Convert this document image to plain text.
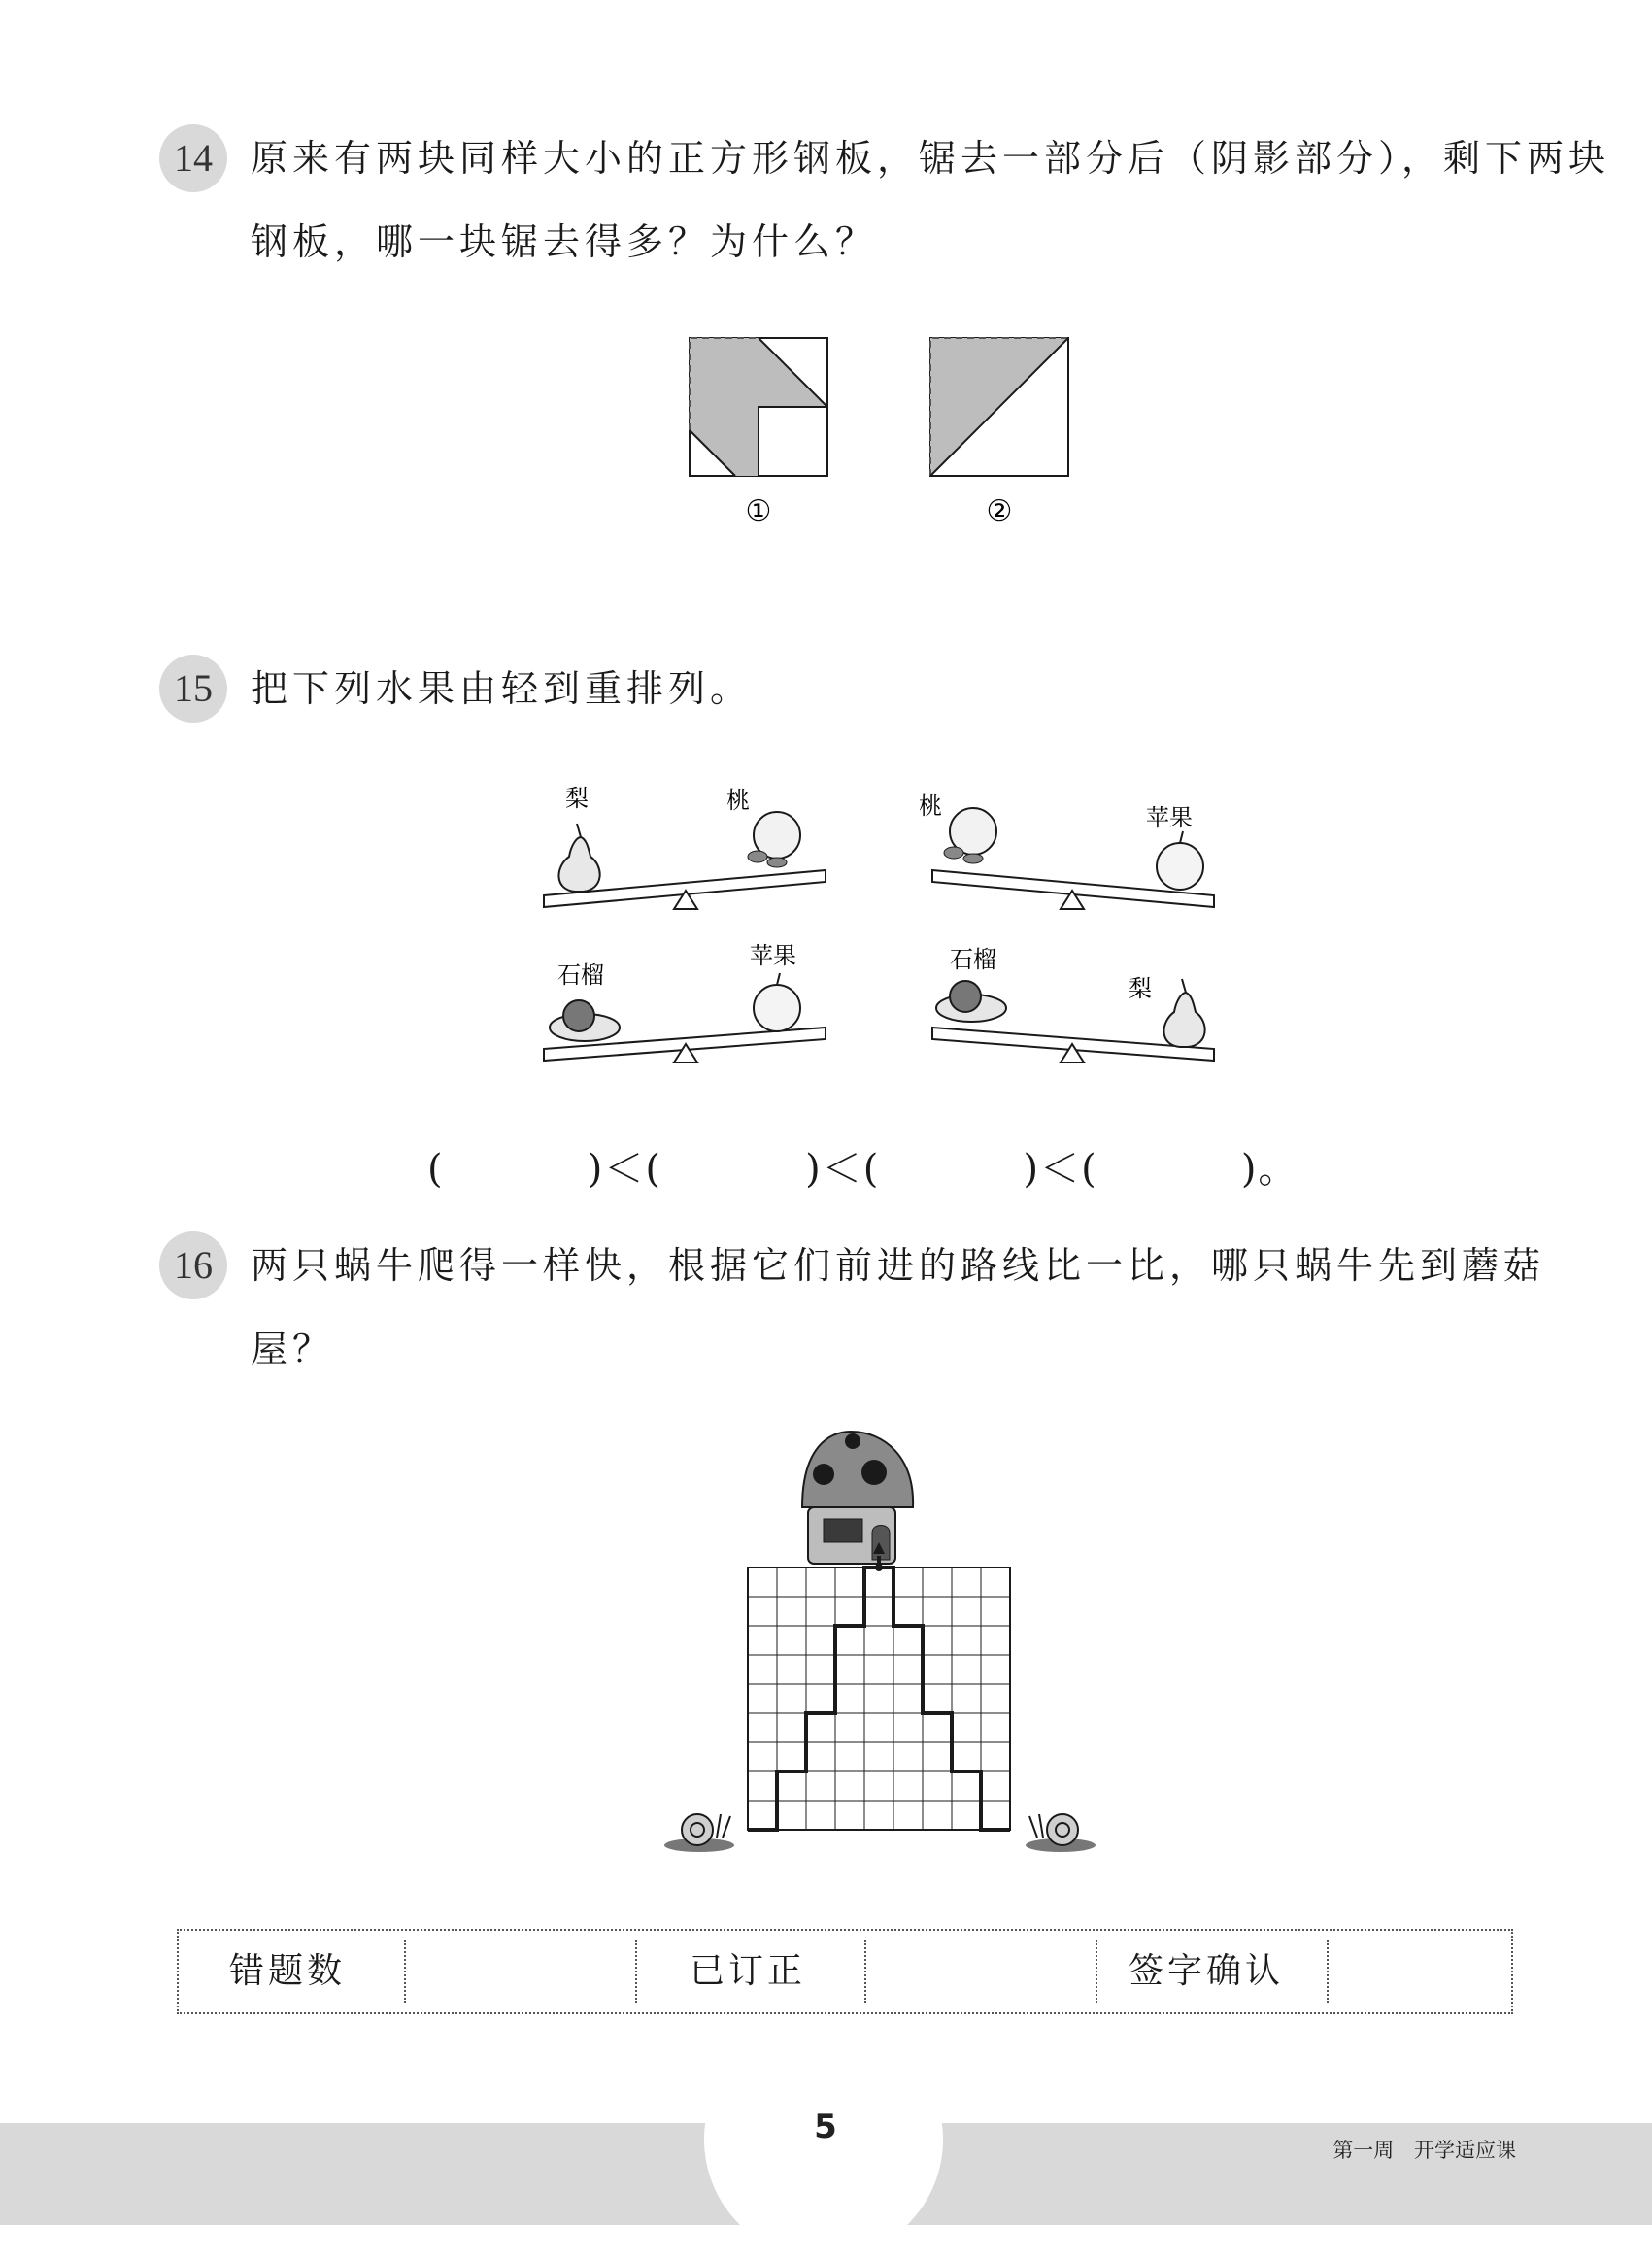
14	原来有两块同样大小的正方形钢板，锯去一部分后（阴影部分），剩下两块钢板，哪一块锯去得多？为什么？
①	②
15	把下列水果由轻到重排列。
梨	桃	桃	苹果
石榴
苹果	石榴
梨
(          )＜(          )＜(          )＜(          )。
16	两只蜗牛爬得一样快，根据它们前进的路线比一比，哪只蜗牛先到蘑菇屋？
错题数	已订正	签字确认
5
第一周 开学适应课
